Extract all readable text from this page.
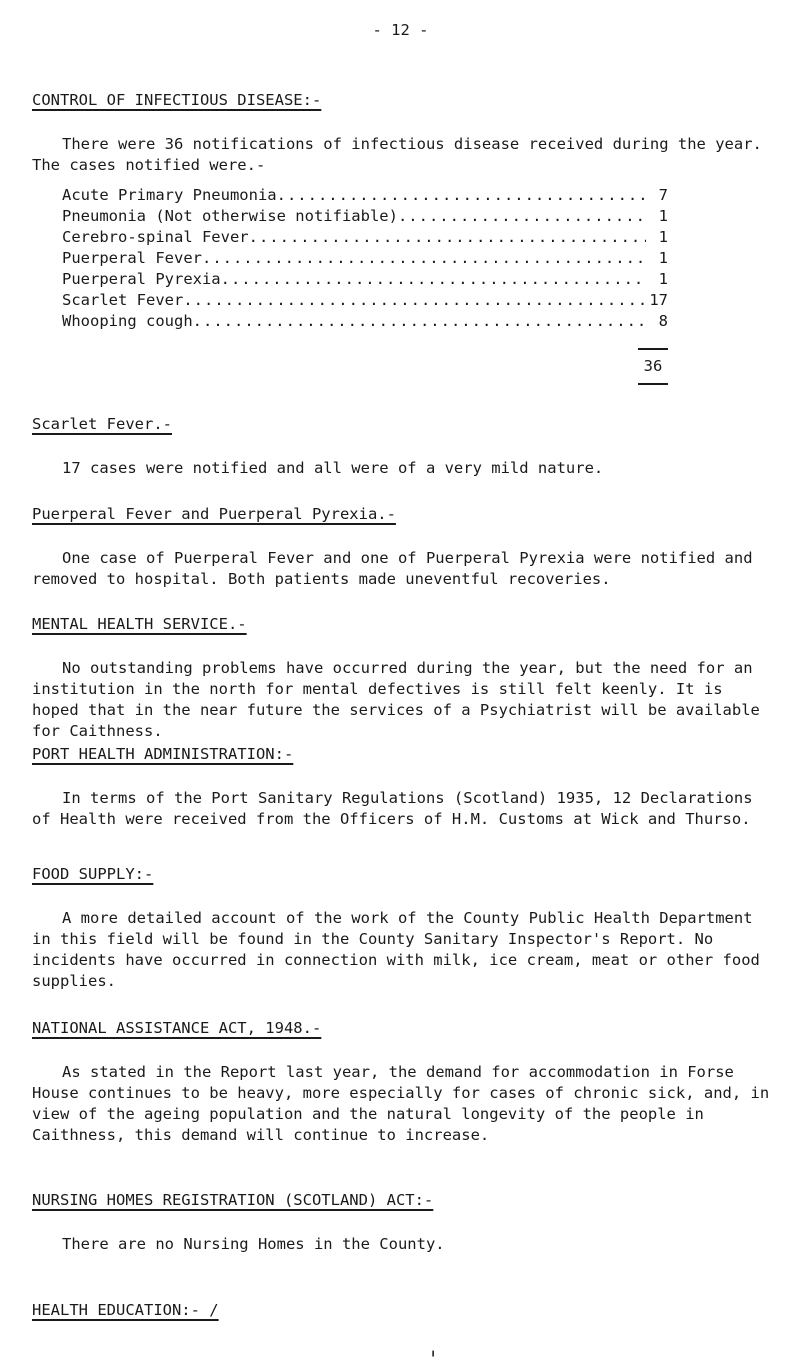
- 12 -
CONTROL OF INFECTIOUS DISEASE:-

There were 36 notifications of infectious disease received during the year. The cases notified were.-

Acute Primary Pneumonia .....	7
Pneumonia (Not otherwise notifiable) .....	1
Cerebro-spinal Fever .....	1
Puerperal Fever .....	1
Puerperal Pyrexia .....	1
Scarlet Fever .....	17
Whooping cough .....	8
36
Scarlet Fever.-

17 cases were notified and all were of a very mild nature.

Puerperal Fever and Puerperal Pyrexia.-

One case of Puerperal Fever and one of Puerperal Pyrexia were notified and removed to hospital. Both patients made uneventful recoveries.

MENTAL HEALTH SERVICE.-

No outstanding problems have occurred during the year, but the need for an institution in the north for mental defectives is still felt keenly. It is hoped that in the near future the services of a Psychiatrist will be available for Caithness.

PORT HEALTH ADMINISTRATION:-

In terms of the Port Sanitary Regulations (Scotland) 1935, 12 Declarations of Health were received from the Officers of H.M. Customs at Wick and Thurso.

FOOD SUPPLY:-

A more detailed account of the work of the County Public Health Department in this field will be found in the County Sanitary Inspector's Report. No incidents have occurred in connection with milk, ice cream, meat or other food supplies.

NATIONAL ASSISTANCE ACT, 1948.-

As stated in the Report last year, the demand for accommodation in Forse House continues to be heavy, more especially for cases of chronic sick, and, in view of the ageing population and the natural longevity of the people in Caithness, this demand will continue to increase.

NURSING HOMES REGISTRATION (SCOTLAND) ACT:-

There are no Nursing Homes in the County.

HEALTH EDUCATION:- /
╹
